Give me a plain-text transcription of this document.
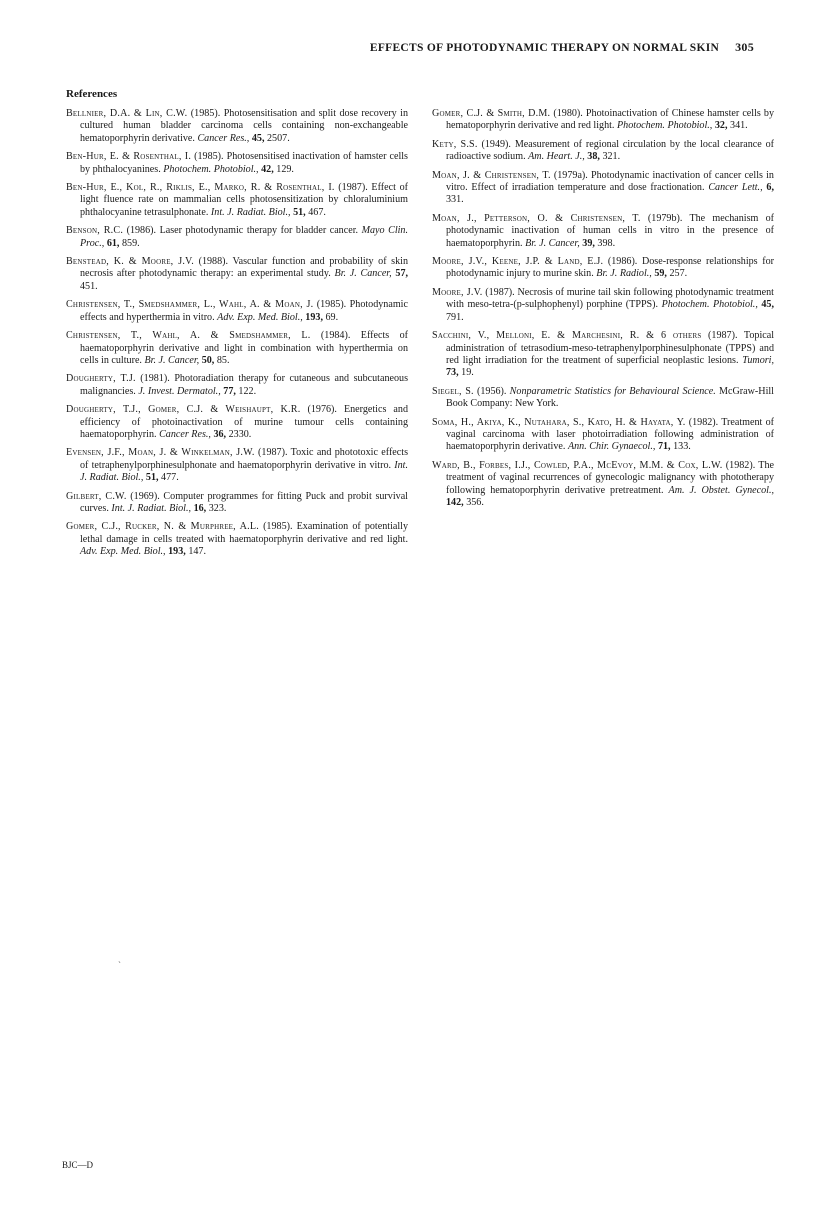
EFFECTS OF PHOTODYNAMIC THERAPY ON NORMAL SKIN 305
References

Bellnier, D.A. & Lin, C.W. (1985). Photosensitisation and split dose recovery in cultured human bladder carcinoma cells containing non-exchangeable hematoporphyrin derivative. Cancer Res., 45, 2507.

Ben-Hur, E. & Rosenthal, I. (1985). Photosensitised inactivation of hamster cells by phthalocyanines. Photochem. Photobiol., 42, 129.

Ben-Hur, E., Kol, R., Riklis, E., Marko, R. & Rosenthal, I. (1987). Effect of light fluence rate on mammalian cells photosensitization by chloraluminium phthalocyanine tetrasulphonate. Int. J. Radiat. Biol., 51, 467.

Benson, R.C. (1986). Laser photodynamic therapy for bladder cancer. Mayo Clin. Proc., 61, 859.

Benstead, K. & Moore, J.V. (1988). Vascular function and probability of skin necrosis after photodynamic therapy: an experimental study. Br. J. Cancer, 57, 451.

Christensen, T., Smedshammer, L., Wahl, A. & Moan, J. (1985). Photodynamic effects and hyperthermia in vitro. Adv. Exp. Med. Biol., 193, 69.

Christensen, T., Wahl, A. & Smedshammer, L. (1984). Effects of haematoporphyrin derivative and light in combination with hyperthermia on cells in culture. Br. J. Cancer, 50, 85.

Dougherty, T.J. (1981). Photoradiation therapy for cutaneous and subcutaneous malignancies. J. Invest. Dermatol., 77, 122.

Dougherty, T.J., Gomer, C.J. & Weishaupt, K.R. (1976). Energetics and efficiency of photoinactivation of murine tumour cells containing haematoporphyrin. Cancer Res., 36, 2330.

Evensen, J.F., Moan, J. & Winkelman, J.W. (1987). Toxic and phototoxic effects of tetraphenylporphinesulphonate and haematoporphyrin derivative in vitro. Int. J. Radiat. Biol., 51, 477.

Gilbert, C.W. (1969). Computer programmes for fitting Puck and probit survival curves. Int. J. Radiat. Biol., 16, 323.

Gomer, C.J., Rucker, N. & Murphree, A.L. (1985). Examination of potentially lethal damage in cells treated with haematoporphyrin derivative and red light. Adv. Exp. Med. Biol., 193, 147.

Gomer, C.J. & Smith, D.M. (1980). Photoinactivation of Chinese hamster cells by hematoporphyrin derivative and red light. Photochem. Photobiol., 32, 341.

Kety, S.S. (1949). Measurement of regional circulation by the local clearance of radioactive sodium. Am. Heart. J., 38, 321.

Moan, J. & Christensen, T. (1979a). Photodynamic inactivation of cancer cells in vitro. Effect of irradiation temperature and dose fractionation. Cancer Lett., 6, 331.

Moan, J., Petterson, O. & Christensen, T. (1979b). The mechanism of photodynamic inactivation of human cells in vitro in the presence of haematoporphyrin. Br. J. Cancer, 39, 398.

Moore, J.V., Keene, J.P. & Land, E.J. (1986). Dose-response relationships for photodynamic injury to murine skin. Br. J. Radiol., 59, 257.

Moore, J.V. (1987). Necrosis of murine tail skin following photodynamic treatment with meso-tetra-(p-sulphophenyl) porphine (TPPS). Photochem. Photobiol., 45, 791.

Sacchini, V., Melloni, E. & Marchesini, R. & 6 others (1987). Topical administration of tetrasodium-meso-tetraphenylporphinesulphonate (TPPS) and red light irradiation for the treatment of superficial neoplastic lesions. Tumori, 73, 19.

Siegel, S. (1956). Nonparametric Statistics for Behavioural Science. McGraw-Hill Book Company: New York.

Soma, H., Akiya, K., Nutahara, S., Kato, H. & Hayata, Y. (1982). Treatment of vaginal carcinoma with laser photoirradiation following administration of haematoporphyrin derivative. Ann. Chir. Gynaecol., 71, 133.

Ward, B., Forbes, I.J., Cowled, P.A., McEvoy, M.M. & Cox, L.W. (1982). The treatment of vaginal recurrences of gynecologic malignancy with phototherapy following hematoporphyrin derivative pretreatment. Am. J. Obstet. Gynecol., 142, 356.

`
BJC—D
